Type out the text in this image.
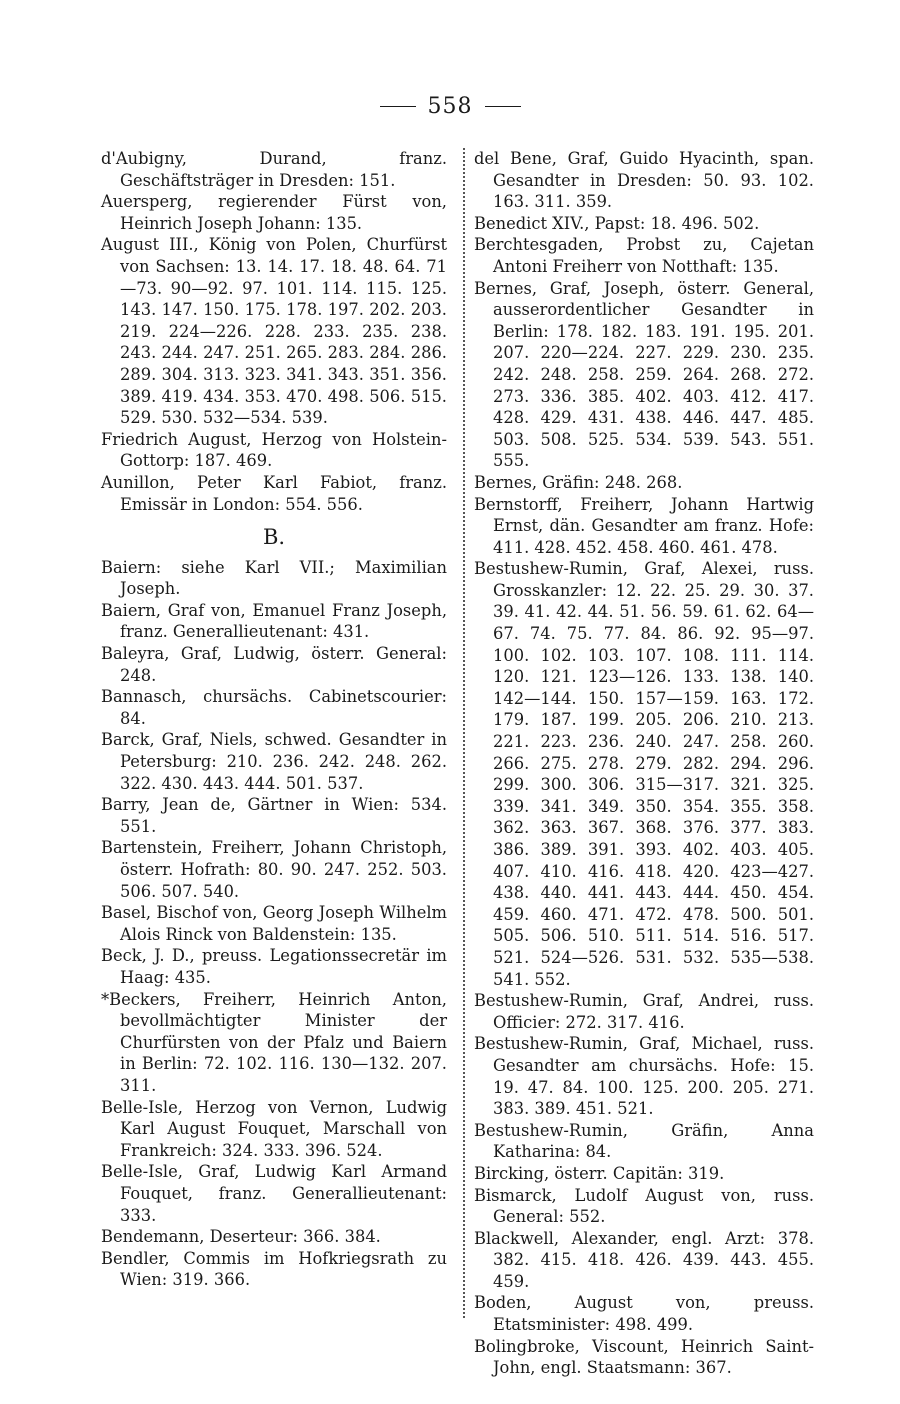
558

d'Aubigny, Durand, franz. Geschäftsträger in Dresden: 151.

Auersperg, regierender Fürst von, Heinrich Joseph Johann: 135.

August III., König von Polen, Churfürst von Sachsen: 13. 14. 17. 18. 48. 64. 71—73. 90—92. 97. 101. 114. 115. 125. 143. 147. 150. 175. 178. 197. 202. 203. 219. 224—226. 228. 233. 235. 238. 243. 244. 247. 251. 265. 283. 284. 286. 289. 304. 313. 323. 341. 343. 351. 356. 389. 419. 434. 353. 470. 498. 506. 515. 529. 530. 532—534. 539.

Friedrich August, Herzog von Holstein-Gottorp: 187. 469.

Aunillon, Peter Karl Fabiot, franz. Emissär in London: 554. 556.

B.

Baiern: siehe Karl VII.; Maximilian Joseph.

Baiern, Graf von, Emanuel Franz Joseph, franz. Generallieutenant: 431.

Baleyra, Graf, Ludwig, österr. General: 248.

Bannasch, chursächs. Cabinetscourier: 84.

Barck, Graf, Niels, schwed. Gesandter in Petersburg: 210. 236. 242. 248. 262. 322. 430. 443. 444. 501. 537.

Barry, Jean de, Gärtner in Wien: 534. 551.

Bartenstein, Freiherr, Johann Christoph, österr. Hofrath: 80. 90. 247. 252. 503. 506. 507. 540.

Basel, Bischof von, Georg Joseph Wilhelm Alois Rinck von Baldenstein: 135.

Beck, J. D., preuss. Legationssecretär im Haag: 435.

*Beckers, Freiherr, Heinrich Anton, bevollmächtigter Minister der Churfürsten von der Pfalz und Baiern in Berlin: 72. 102. 116. 130—132. 207. 311.

Belle-Isle, Herzog von Vernon, Ludwig Karl August Fouquet, Marschall von Frankreich: 324. 333. 396. 524.

Belle-Isle, Graf, Ludwig Karl Armand Fouquet, franz. Generallieutenant: 333.

Bendemann, Deserteur: 366. 384.

Bendler, Commis im Hofkriegsrath zu Wien: 319. 366.

del Bene, Graf, Guido Hyacinth, span. Gesandter in Dresden: 50. 93. 102. 163. 311. 359.

Benedict XIV., Papst: 18. 496. 502.

Berchtesgaden, Probst zu, Cajetan Antoni Freiherr von Notthaft: 135.

Bernes, Graf, Joseph, österr. General, ausserordentlicher Gesandter in Berlin: 178. 182. 183. 191. 195. 201. 207. 220—224. 227. 229. 230. 235. 242. 248. 258. 259. 264. 268. 272. 273. 336. 385. 402. 403. 412. 417. 428. 429. 431. 438. 446. 447. 485. 503. 508. 525. 534. 539. 543. 551. 555.

Bernes, Gräfin: 248. 268.

Bernstorff, Freiherr, Johann Hartwig Ernst, dän. Gesandter am franz. Hofe: 411. 428. 452. 458. 460. 461. 478.

Bestushew-Rumin, Graf, Alexei, russ. Grosskanzler: 12. 22. 25. 29. 30. 37. 39. 41. 42. 44. 51. 56. 59. 61. 62. 64—67. 74. 75. 77. 84. 86. 92. 95—97. 100. 102. 103. 107. 108. 111. 114. 120. 121. 123—126. 133. 138. 140. 142—144. 150. 157—159. 163. 172. 179. 187. 199. 205. 206. 210. 213. 221. 223. 236. 240. 247. 258. 260. 266. 275. 278. 279. 282. 294. 296. 299. 300. 306. 315—317. 321. 325. 339. 341. 349. 350. 354. 355. 358. 362. 363. 367. 368. 376. 377. 383. 386. 389. 391. 393. 402. 403. 405. 407. 410. 416. 418. 420. 423—427. 438. 440. 441. 443. 444. 450. 454. 459. 460. 471. 472. 478. 500. 501. 505. 506. 510. 511. 514. 516. 517. 521. 524—526. 531. 532. 535—538. 541. 552.

Bestushew-Rumin, Graf, Andrei, russ. Officier: 272. 317. 416.

Bestushew-Rumin, Graf, Michael, russ. Gesandter am chursächs. Hofe: 15. 19. 47. 84. 100. 125. 200. 205. 271. 383. 389. 451. 521.

Bestushew-Rumin, Gräfin, Anna Katharina: 84.

Bircking, österr. Capitän: 319.

Bismarck, Ludolf August von, russ. General: 552.

Blackwell, Alexander, engl. Arzt: 378. 382. 415. 418. 426. 439. 443. 455. 459.

Boden, August von, preuss. Etatsminister: 498. 499.

Bolingbroke, Viscount, Heinrich Saint-John, engl. Staatsmann: 367.
